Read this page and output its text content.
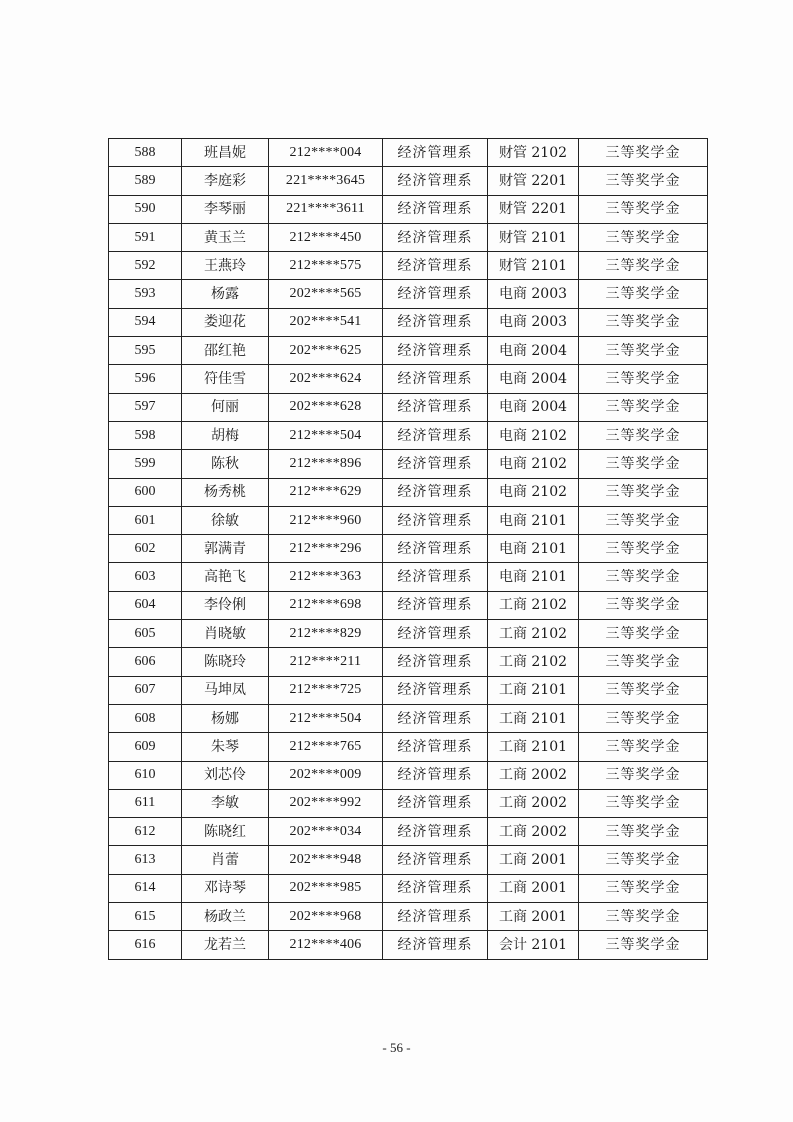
588	班昌妮	212****004	经济管理系	财管 2102	三等奖学金
589	李庭彩	221****3645	经济管理系	财管 2201	三等奖学金
590	李琴丽	221****3611	经济管理系	财管 2201	三等奖学金
591	黄玉兰	212****450	经济管理系	财管 2101	三等奖学金
592	王燕玲	212****575	经济管理系	财管 2101	三等奖学金
593	杨露	202****565	经济管理系	电商 2003	三等奖学金
594	娄迎花	202****541	经济管理系	电商 2003	三等奖学金
595	邵红艳	202****625	经济管理系	电商 2004	三等奖学金
596	符佳雪	202****624	经济管理系	电商 2004	三等奖学金
597	何丽	202****628	经济管理系	电商 2004	三等奖学金
598	胡梅	212****504	经济管理系	电商 2102	三等奖学金
599	陈秋	212****896	经济管理系	电商 2102	三等奖学金
600	杨秀桃	212****629	经济管理系	电商 2102	三等奖学金
601	徐敏	212****960	经济管理系	电商 2101	三等奖学金
602	郭满青	212****296	经济管理系	电商 2101	三等奖学金
603	高艳飞	212****363	经济管理系	电商 2101	三等奖学金
604	李伶俐	212****698	经济管理系	工商 2102	三等奖学金
605	肖晓敏	212****829	经济管理系	工商 2102	三等奖学金
606	陈晓玲	212****211	经济管理系	工商 2102	三等奖学金
607	马坤凤	212****725	经济管理系	工商 2101	三等奖学金
608	杨娜	212****504	经济管理系	工商 2101	三等奖学金
609	朱琴	212****765	经济管理系	工商 2101	三等奖学金
610	刘芯伶	202****009	经济管理系	工商 2002	三等奖学金
611	李敏	202****992	经济管理系	工商 2002	三等奖学金
612	陈晓红	202****034	经济管理系	工商 2002	三等奖学金
613	肖蕾	202****948	经济管理系	工商 2001	三等奖学金
614	邓诗琴	202****985	经济管理系	工商 2001	三等奖学金
615	杨政兰	202****968	经济管理系	工商 2001	三等奖学金
616	龙若兰	212****406	经济管理系	会计 2101	三等奖学金
- 56 -
